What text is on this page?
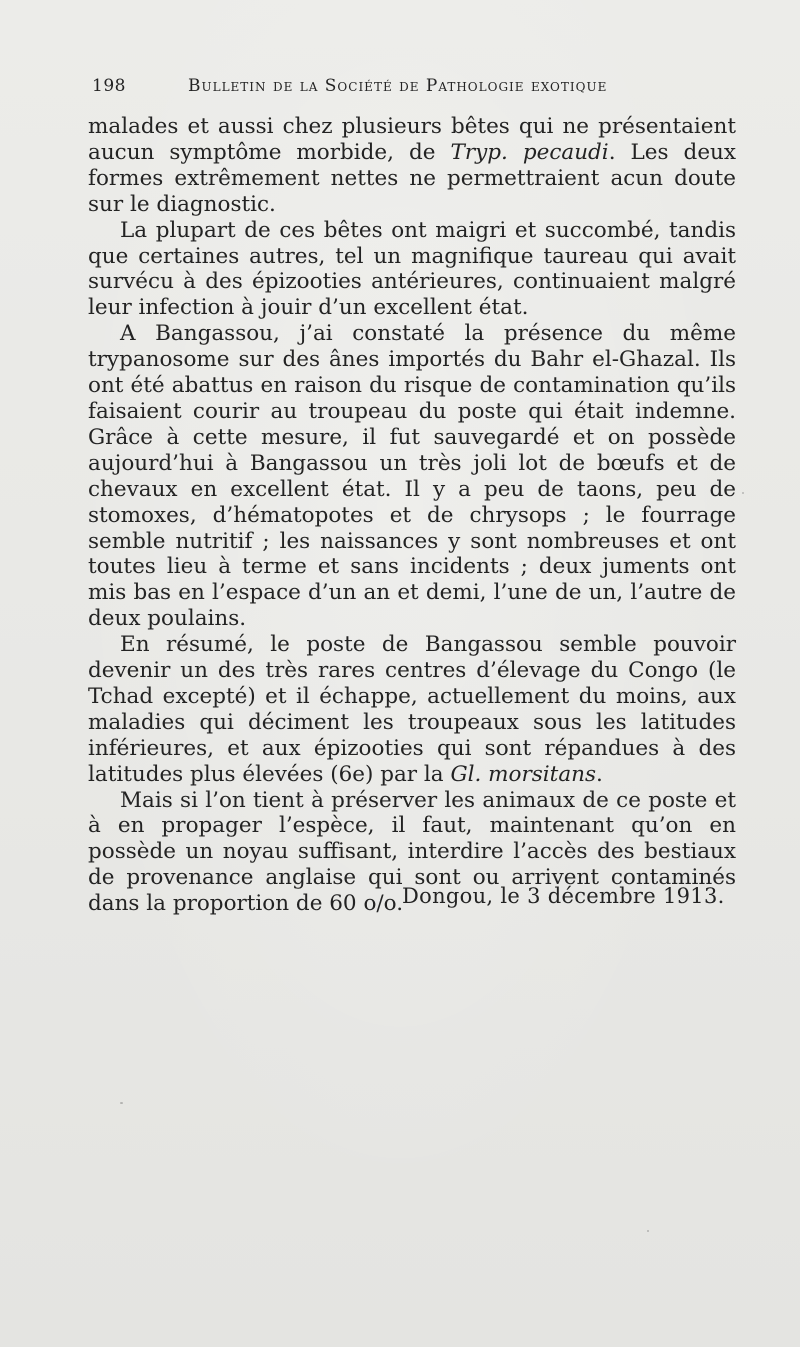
198	Bulletin de la Société de Pathologie exotique

malades et aussi chez plusieurs bêtes qui ne présentaient aucun symptôme morbide, de Tryp. pecaudi. Les deux formes extrêmement nettes ne permettraient acun doute sur le diagnostic.

La plupart de ces bêtes ont maigri et succombé, tandis que certaines autres, tel un magnifique taureau qui avait survécu à des épizooties antérieures, continuaient malgré leur infection à jouir d’un excellent état.

A Bangassou, j’ai constaté la présence du même trypanosome sur des ânes importés du Bahr el-Ghazal. Ils ont été abattus en raison du risque de contamination qu’ils faisaient courir au troupeau du poste qui était indemne. Grâce à cette mesure, il fut sauvegardé et on possède aujourd’hui à Bangassou un très joli lot de bœufs et de chevaux en excellent état. Il y a peu de taons, peu de stomoxes, d’hématopotes et de chrysops ; le fourrage semble nutritif ; les naissances y sont nombreuses et ont toutes lieu à terme et sans incidents ; deux juments ont mis bas en l’espace d’un an et demi, l’une de un, l’autre de deux poulains.

En résumé, le poste de Bangassou semble pouvoir devenir un des très rares centres d’élevage du Congo (le Tchad excepté) et il échappe, actuellement du moins, aux maladies qui déciment les troupeaux sous les latitudes inférieures, et aux épizooties qui sont répandues à des latitudes plus élevées (6e) par la Gl. morsitans.

Mais si l’on tient à préserver les animaux de ce poste et à en propager l’espèce, il faut, maintenant qu’on en possède un noyau suffisant, interdire l’accès des bestiaux de provenance anglaise qui sont ou arrivent contaminés dans la proportion de 60 o/o.

Dongou, le 3 décembre 1913.
